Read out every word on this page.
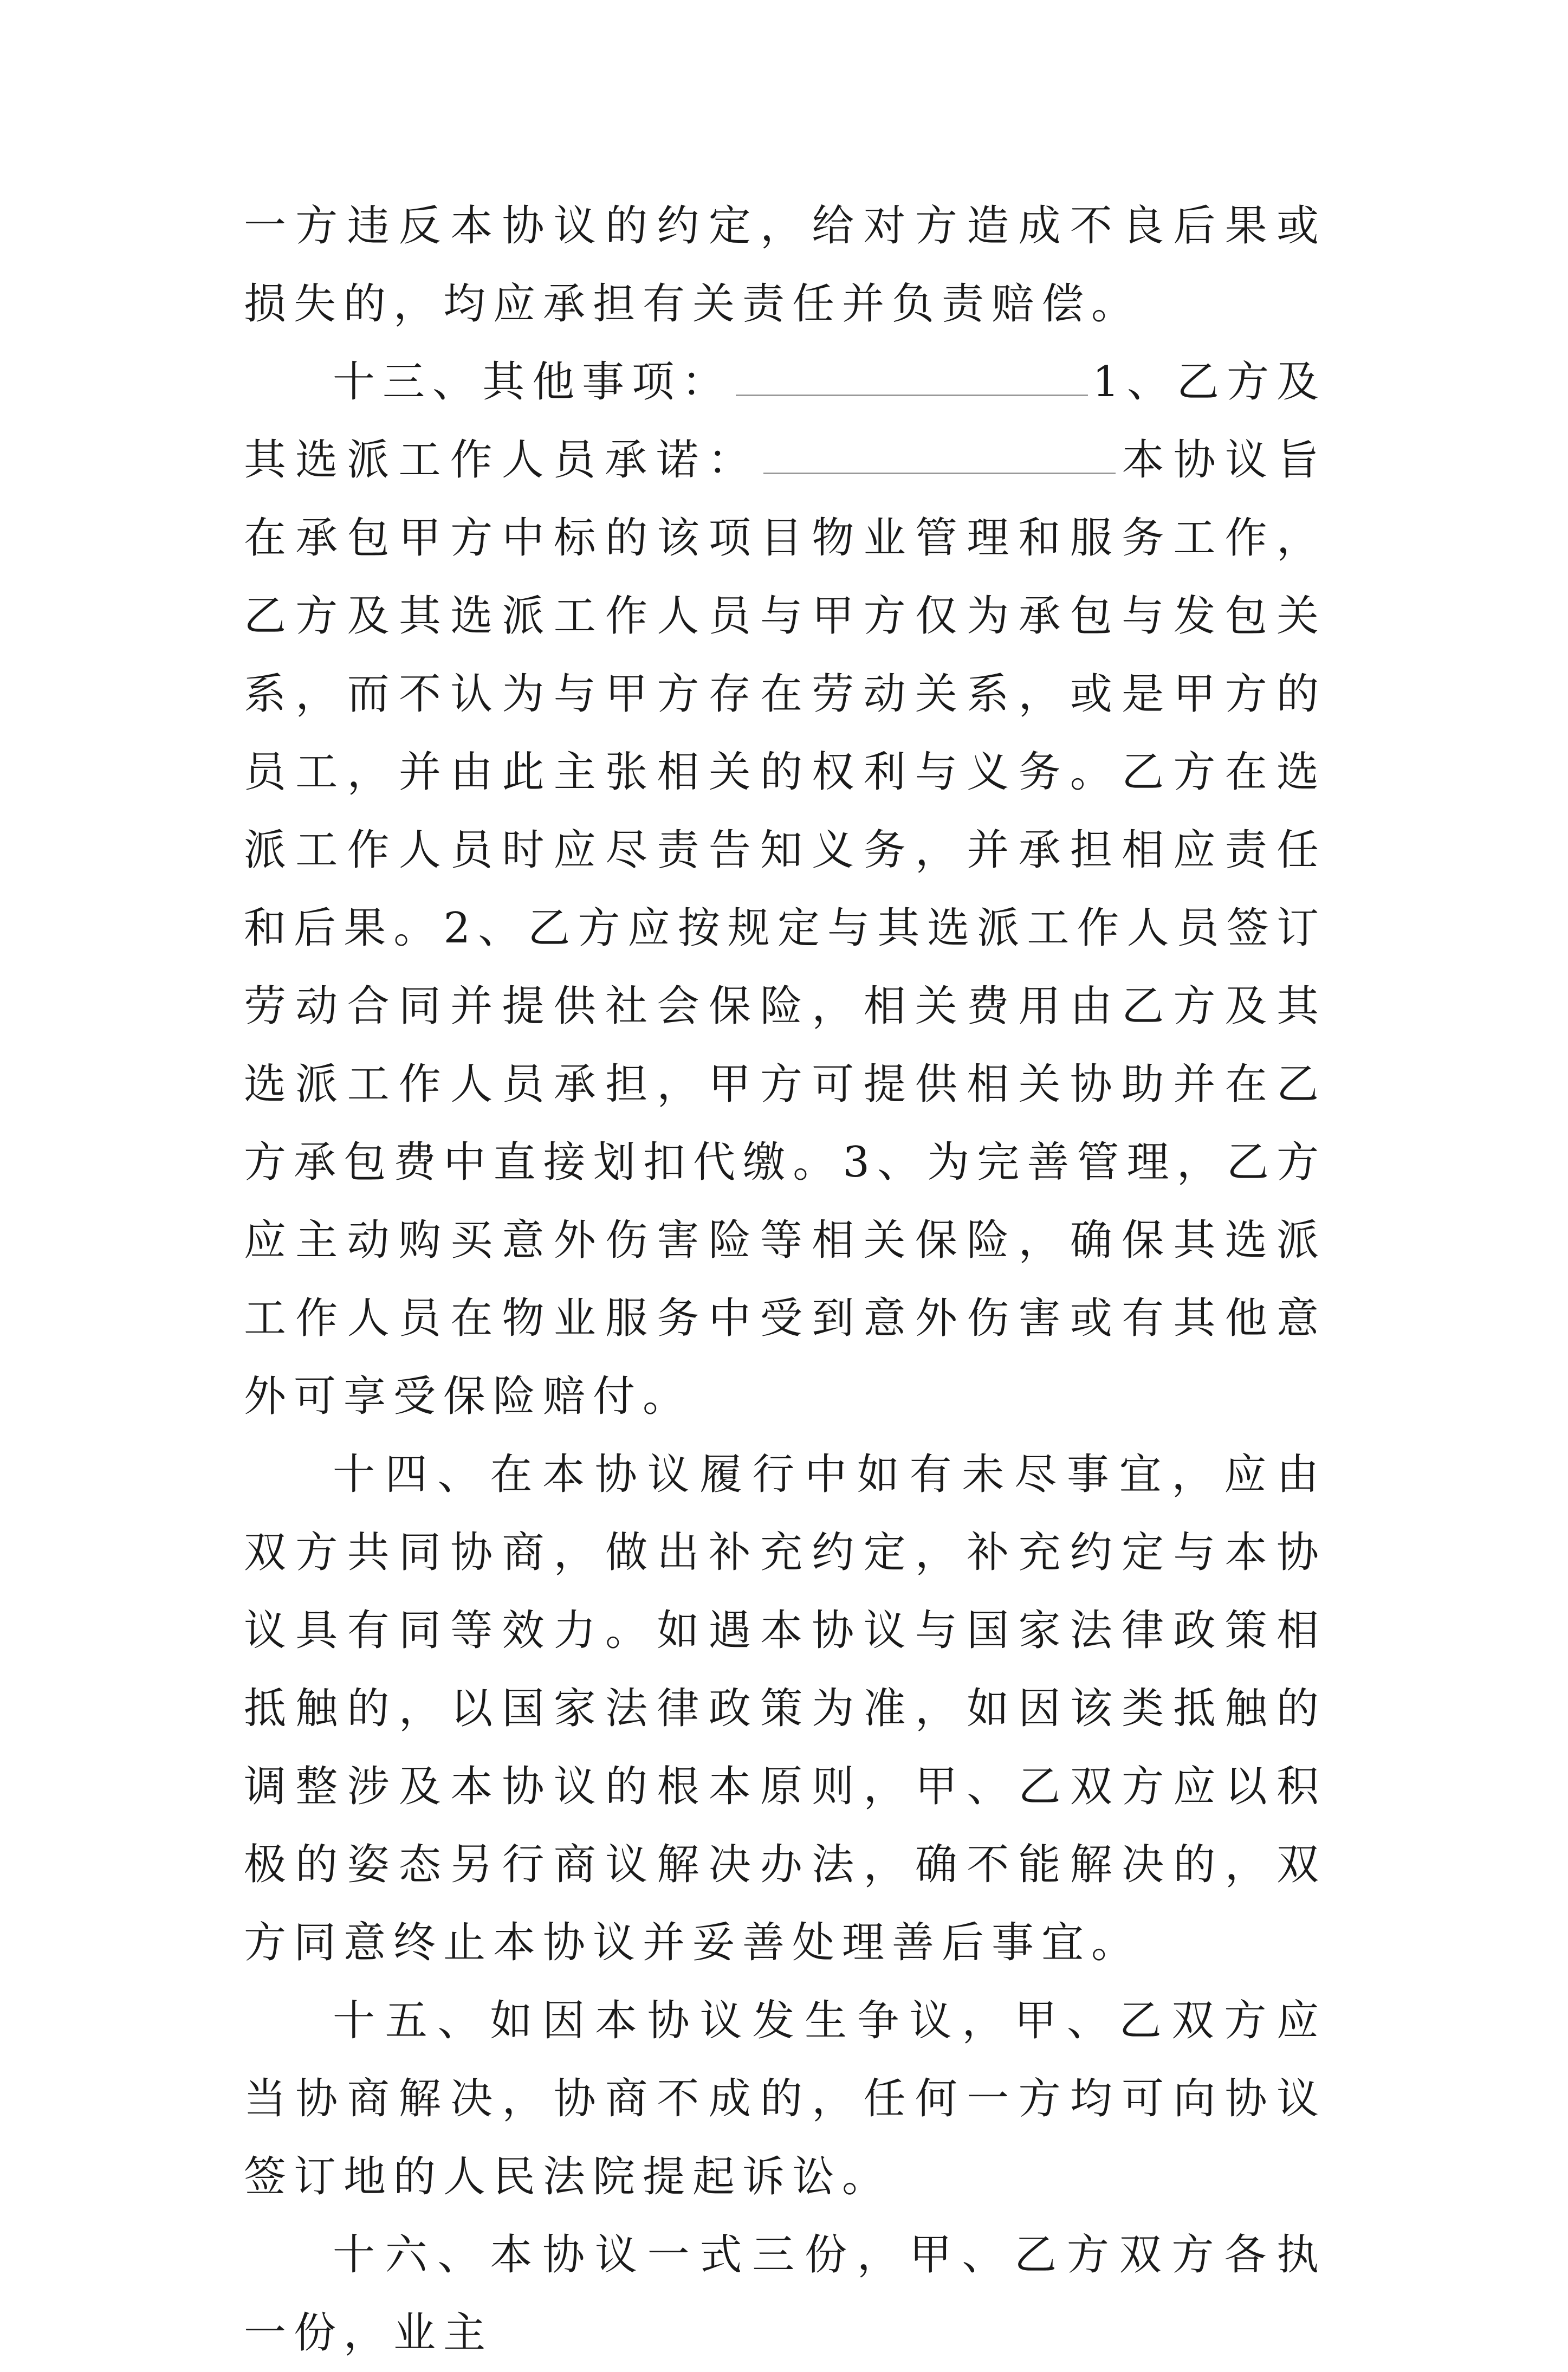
一方违反本协议的约定，给对方造成不良后果或损失的，均应承担有关责任并负责赔偿。

十三、其他事项：	1、乙方及其选派工作人员承诺：	本协议旨在承包甲方中标的该项目物业管理和服务工作，乙方及其选派工作人员与甲方仅为承包与发包关系，而不认为与甲方存在劳动关系，或是甲方的员工，并由此主张相关的权利与义务。乙方在选派工作人员时应尽责告知义务，并承担相应责任和后果。2、乙方应按规定与其选派工作人员签订劳动合同并提供社会保险，相关费用由乙方及其选派工作人员承担，甲方可提供相关协助并在乙方承包费中直接划扣代缴。3、为完善管理，乙方应主动购买意外伤害险等相关保险，确保其选派工作人员在物业服务中受到意外伤害或有其他意外可享受保险赔付。

十四、在本协议履行中如有未尽事宜，应由双方共同协商，做出补充约定，补充约定与本协议具有同等效力。如遇本协议与国家法律政策相抵触的，以国家法律政策为准，如因该类抵触的调整涉及本协议的根本原则，甲、乙双方应以积极的姿态另行商议解决办法，确不能解决的，双方同意终止本协议并妥善处理善后事宜。

十五、如因本协议发生争议，甲、乙双方应当协商解决，协商不成的，任何一方均可向协议签订地的人民法院提起诉讼。

十六、本协议一式三份，甲、乙方双方各执一份，业主
